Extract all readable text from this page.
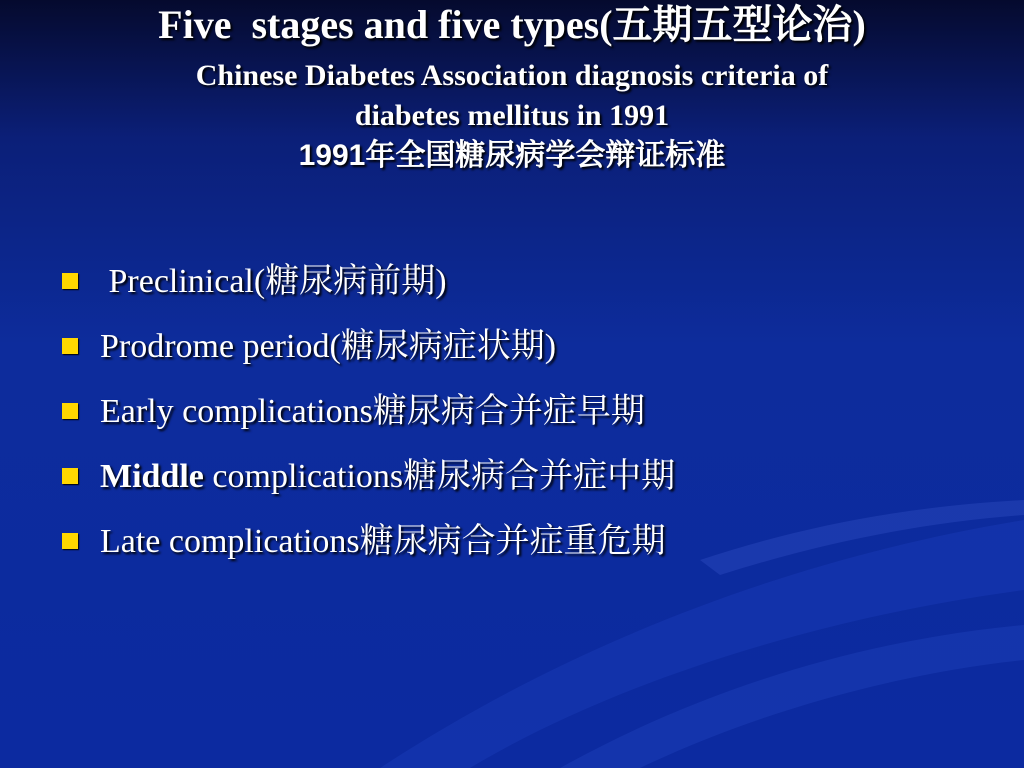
Five  stages and five types(五期五型论治)
Chinese Diabetes Association diagnosis criteria of
diabetes mellitus in 1991
1991年全国糖尿病学会辩证标准
Preclinical(糖尿病前期)
Prodrome period(糖尿病症状期)
Early complications糖尿病合并症早期
Middle complications糖尿病合并症中期
Late complications糖尿病合并症重危期
